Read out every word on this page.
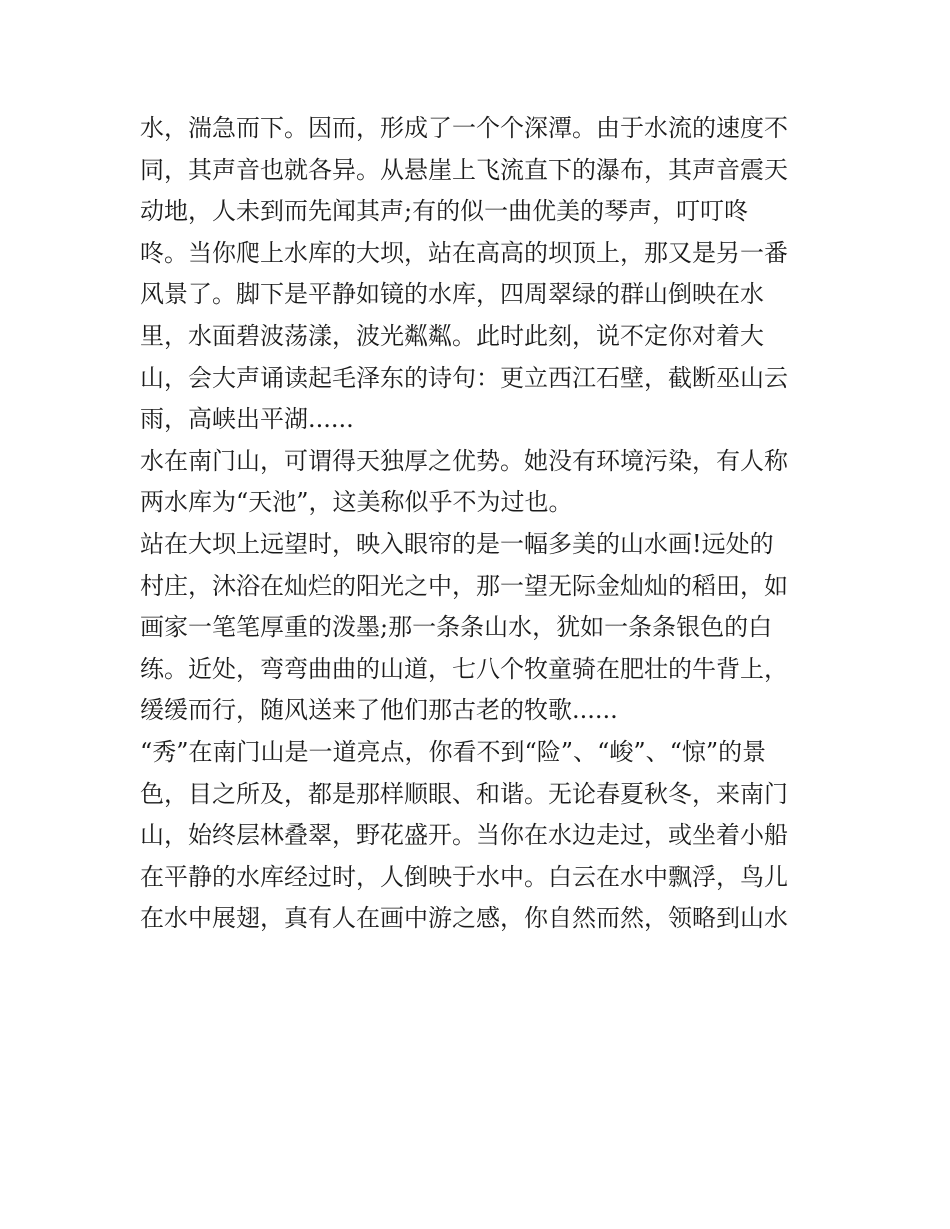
水，湍急而下。因而，形成了一个个深潭。由于水流的速度不
同，其声音也就各异。从悬崖上飞流直下的瀑布，其声音震天
动地，人未到而先闻其声;有的似一曲优美的琴声，叮叮咚
咚。当你爬上水库的大坝，站在高高的坝顶上，那又是另一番
风景了。脚下是平静如镜的水库，四周翠绿的群山倒映在水
里，水面碧波荡漾，波光粼粼。此时此刻，说不定你对着大
山，会大声诵读起毛泽东的诗句：更立西江石壁，截断巫山云
雨，高峡出平湖......
水在南门山，可谓得天独厚之优势。她没有环境污染，有人称
两水库为“天池”，这美称似乎不为过也。
站在大坝上远望时，映入眼帘的是一幅多美的山水画!远处的
村庄，沐浴在灿烂的阳光之中，那一望无际金灿灿的稻田，如
画家一笔笔厚重的泼墨;那一条条山水，犹如一条条银色的白
练。近处，弯弯曲曲的山道，七八个牧童骑在肥壮的牛背上，
缓缓而行，随风送来了他们那古老的牧歌......
“秀”在南门山是一道亮点，你看不到“险”、“峻”、“惊”的景
色，目之所及，都是那样顺眼、和谐。无论春夏秋冬，来南门
山，始终层林叠翠，野花盛开。当你在水边走过，或坐着小船
在平静的水库经过时，人倒映于水中。白云在水中飘浮，鸟儿
在水中展翅，真有人在画中游之感，你自然而然，领略到山水
